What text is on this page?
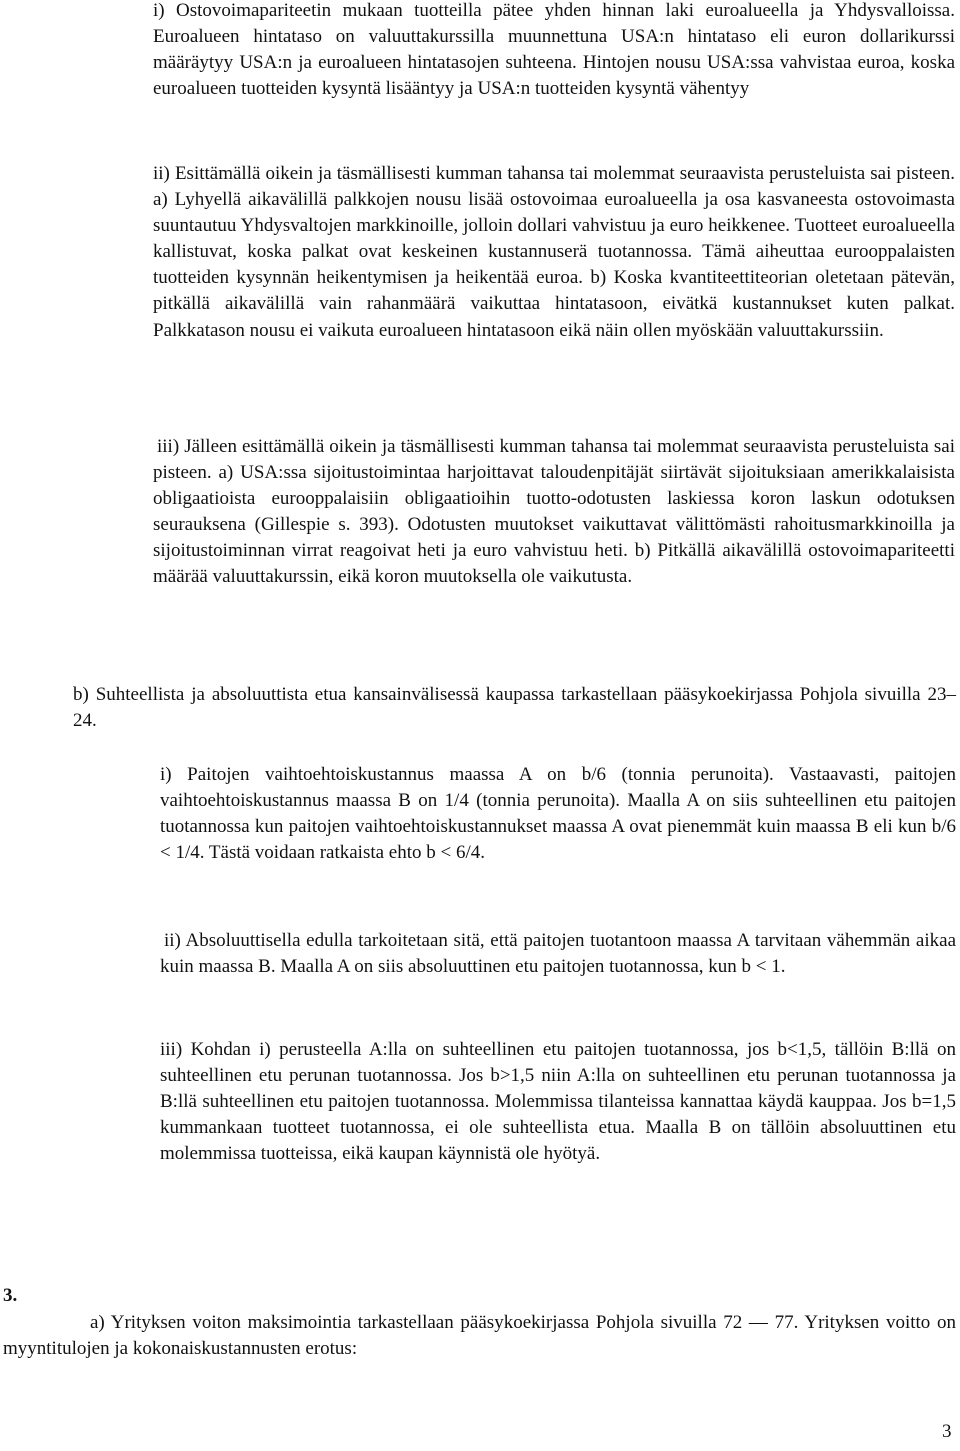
i) Ostovoimapariteetin mukaan tuotteilla pätee yhden hinnan laki euroalueella ja Yhdysvalloissa. Euroalueen hintataso on valuuttakurssilla muunnettuna USA:n hintataso eli euron dollarikurssi määräytyy USA:n ja euroalueen hintatasojen suhteena. Hintojen nousu USA:ssa vahvistaa euroa, koska euroalueen tuotteiden kysyntä lisääntyy ja USA:n tuotteiden kysyntä vähentyy

ii) Esittämällä oikein ja täsmällisesti kumman tahansa tai molemmat seuraavista perusteluista sai pisteen. a) Lyhyellä aikavälillä palkkojen nousu lisää ostovoimaa euroalueella ja osa kasvaneesta ostovoimasta suuntautuu Yhdysvaltojen markkinoille, jolloin dollari vahvistuu ja euro heikkenee. Tuotteet euroalueella kallistuvat, koska palkat ovat keskeinen kustannuserä tuotannossa. Tämä aiheuttaa eurooppalaisten tuotteiden kysynnän heikentymisen ja heikentää euroa. b) Koska kvantiteettiteorian oletetaan pätevän, pitkällä aikavälillä vain rahanmäärä vaikuttaa hintatasoon, eivätkä kustannukset kuten palkat. Palkkatason nousu ei vaikuta euroalueen hintatasoon eikä näin ollen myöskään valuuttakurssiin.

iii) Jälleen esittämällä oikein ja täsmällisesti kumman tahansa tai molemmat seuraavista perusteluista sai pisteen. a) USA:ssa sijoitustoimintaa harjoittavat taloudenpitäjät siirtävät sijoituksiaan amerikkalaisista obligaatioista eurooppalaisiin obligaatioihin tuotto-odotusten laskiessa koron laskun odotuksen seurauksena (Gillespie s. 393). Odotusten muutokset vaikuttavat välittömästi rahoitusmarkkinoilla ja sijoitustoiminnan virrat reagoivat heti ja euro vahvistuu heti. b) Pitkällä aikavälillä ostovoimapariteetti määrää valuuttakurssin, eikä koron muutoksella ole vaikutusta.

b) Suhteellista ja absoluuttista etua kansainvälisessä kaupassa tarkastellaan pääsykoekirjassa Pohjola sivuilla 23–24.

i) Paitojen vaihtoehtoiskustannus maassa A on b/6 (tonnia perunoita). Vastaavasti, paitojen vaihtoehtoiskustannus maassa B on 1/4 (tonnia perunoita). Maalla A on siis suhteellinen etu paitojen tuotannossa kun paitojen vaihtoehtoiskustannukset maassa A ovat pienemmät kuin maassa B eli kun b/6 < 1/4. Tästä voidaan ratkaista ehto b < 6/4.

ii) Absoluuttisella edulla tarkoitetaan sitä, että paitojen tuotantoon maassa A tarvitaan vähemmän aikaa kuin maassa B. Maalla A on siis absoluuttinen etu paitojen tuotannossa, kun b < 1.

iii) Kohdan i) perusteella A:lla on suhteellinen etu paitojen tuotannossa, jos b<1,5, tällöin B:llä on suhteellinen etu perunan tuotannossa. Jos b>1,5 niin A:lla on suhteellinen etu perunan tuotannossa ja B:llä suhteellinen etu paitojen tuotannossa. Molemmissa tilanteissa kannattaa käydä kauppaa. Jos b=1,5 kummankaan tuotteet tuotannossa, ei ole suhteellista etua. Maalla B on tällöin absoluuttinen etu molemmissa tuotteissa, eikä kaupan käynnistä ole hyötyä.

3.

a) Yrityksen voiton maksimointia tarkastellaan pääsykoekirjassa Pohjola sivuilla 72 — 77. Yrityksen voitto on myyntitulojen ja kokonaiskustannusten erotus:

3
